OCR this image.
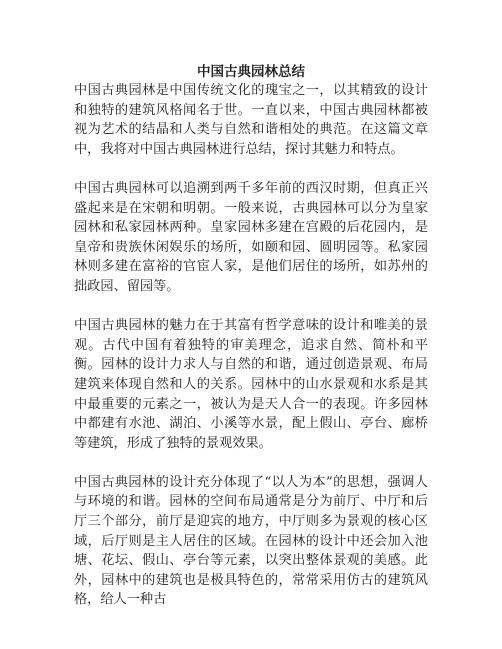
中国古典园林总结

中国古典园林是中国传统文化的瑰宝之一，以其精致的设计和独特的建筑风格闻名于世。一直以来，中国古典园林都被视为艺术的结晶和人类与自然和谐相处的典范。在这篇文章中，我将对中国古典园林进行总结，探讨其魅力和特点。

中国古典园林可以追溯到两千多年前的西汉时期，但真正兴盛起来是在宋朝和明朝。一般来说，古典园林可以分为皇家园林和私家园林两种。皇家园林多建在宫殿的后花园内，是皇帝和贵族休闲娱乐的场所，如颐和园、圆明园等。私家园林则多建在富裕的官宦人家，是他们居住的场所，如苏州的拙政园、留园等。

中国古典园林的魅力在于其富有哲学意味的设计和唯美的景观。古代中国有着独特的审美理念，追求自然、简朴和平衡。园林的设计力求人与自然的和谐，通过创造景观、布局建筑来体现自然和人的关系。园林中的山水景观和水系是其中最重要的元素之一，被认为是天人合一的表现。许多园林中都建有水池、湖泊、小溪等水景，配上假山、亭台、廊桥等建筑，形成了独特的景观效果。

中国古典园林的设计充分体现了“以人为本”的思想，强调人与环境的和谐。园林的空间布局通常是分为前厅、中厅和后厅三个部分，前厅是迎宾的地方，中厅则多为景观的核心区域，后厅则是主人居住的区域。在园林的设计中还会加入池塘、花坛、假山、亭台等元素，以突出整体景观的美感。此外，园林中的建筑也是极具特色的，常常采用仿古的建筑风格，给人一种古
